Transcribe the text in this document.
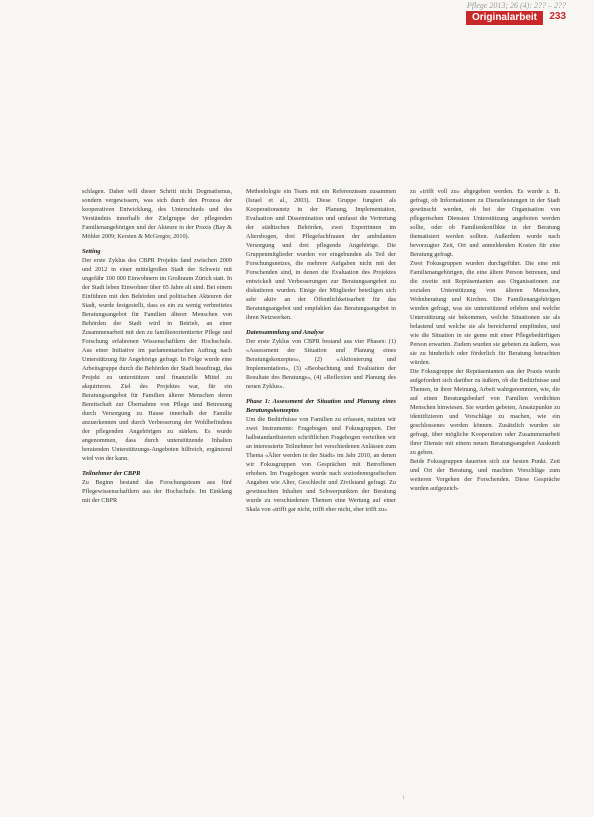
Pflege 2013; 26 (4): 2?? – 2??
Originalarbeit	233

schlagen. Daher will dieser Schritt nicht Dogmatismus, sondern vergewissern, was sich durch den Prozess der kooperativen Entwicklung, des Unterschieds und des Verständnis innerhalb der Zielgruppe der pflegenden Familienangehörigen und der Akteure in der Praxis (Bay & Möhler 2009; Kersten & McGregor, 2010).

Setting

Der erste Zyklus des CBPR Projekts fand zwischen 2009 und 2012 in einer mittelgroßen Stadt der Schweiz mit ungefähr 100 000 Einwohnern im Großraum Zürich statt. In der Stadt leben Einwohner über 65 Jahre alt sind. Bei einem Einführen mit den Behörden und politischen Akteuren der Stadt, wurde festgestellt, dass es ein zu wenig verbreitetes Beratungsangebot für Familien älterer Menschen von Behörden der Stadt wird in Betrieb, an einer Zusammenarbeit mit den zu familienorientierter Pflege und Forschung erfahrenen Wissenschaftlern der Hochschule. Aus einer Initiative im parlamentarischen Auftrag nach Unterstützung für Angehörige gefragt. In Folge wurde eine Arbeitsgruppe durch die Behörden der Stadt beauftragt, das Projekt zu unterstützen und finanzielle Mittel zu akquirieren. Ziel des Projektes war, für ein Beratungsangebot für Familien älterer Menschen deren Bereitschaft zur Übernahme von Pflege und Betreuung durch Versorgung zu Hause innerhalb der Familie anzuerkennen und durch Verbesserung der Wohlbefindens der pflegenden Angehörigen zu stärken. Es wurde angenommen, dass durch unterstützende Inhalten beratenden Unterstützungs-Angeboten hilfreich, ergänzend wird von der kann.

Teilnehmer der CBPR

Zu Beginn bestand das Forschungsteam aus fünf Pflegewissenschaftlern aus der Hochschule. Im Einklang mit der CBPR

Methodologie ein Team mit ein Referenzteam zusammen (Israel et al., 2003). Diese Gruppe fungiert als Kooperationsnetz in der Planung, Implementation, Evaluation und Dissemination und umfasst die Vertretung der städtischen Behörden, zwei Expertinnen im Altersbogen, drei Pflegefachfrauen der ambulanten Versorgung und drei pflegende Angehörige. Die Gruppenmitglieder wurden vor eingebunden als Teil der Forschungsnetzes, die mehrere Aufgaben nicht mit der Forschenden sind, in denen die Evaluation des Projektes entwickelt und Verbesserungen zur Beratungsangebot zu diskutieren wurden. Einige der Mitglieder beteiligen sich sehr aktiv an der Öffentlichkeitsarbeit für das Beratungsangebot und empfahlen das Beratungsangebot in ihren Netzwerken.

Datensammlung und Analyse

Der erste Zyklus von CBPR bestand aus vier Phasen: (1) «Assessment der Situation und Planung eines Beratungskonzeptes», (2) «Aktionierung und Implementation», (3) «Beobachtung und Evaluation der Resultate des Beratungs», (4) «Reflexion und Planung des neuen Zyklus».

Phase 1: Assessment der Situation und Planung eines Beratungskonzeptes

Um die Bedürfnisse von Familien zu erfassen, nutzten wir zwei Instrumente: Fragebogen und Fokusgruppen. Der halbstandardisierten schriftlichen Fragebogen verteilten wir an interessierte Teilnehmer bei verschiedenen Anlässen zum Thema «Älter werden in der Stadt» im Jahr 2010, an denen wir Fokusgruppen von Gesprächen mit Betroffenen erhoben. Im Fragebogen wurde nach soziodemografischen Angaben wie Alter, Geschlecht und Zivilstand gefragt. Zu gewünschten Inhalten und Schwerpunkten der Beratung wurde zu verschiedenen Themen eine Wertung auf einer Skala von «trifft gar nicht, trifft eher nicht, eher trifft zu»

zu «trifft voll zu» abgegeben werden. Es wurde z. B. gefragt, ob Informationen zu Dienstleistungen in der Stadt gewünscht werden, ob bei der Organisation von pflegerischen Diensten Unterstützung angeboten werden sollte, oder ob Familienkonflikte in der Beratung thematisiert werden sollten. Außerdem wurde nach bevorzugter Zeit, Ort und anmeldenden Kosten für eine Beratung gefragt.

Zwei Fokusgruppen wurden durchgeführt. Die eine mit Familienangehörigen, die eine ältere Person betreuen, und die zweite mit Repräsentanten aus Organisationen zur sozialen Unterstützung von älteren Menschen, Wohnberatung und Kirchen. Die Familienangehörigen wurden gefragt, was sie unterstützend erleben und welche Unterstützung sie bekommen, welche Situationen sie als belastend und welche sie als bereichernd empfinden, und wie die Situation in sie geme mit einer Pflegebedürftigen Person erwarten. Zudem wurden sie gebeten zu äußern, was sie zu hinderlich oder förderlich für Beratung betrachten würden.

Die Fokusgruppe der Repräsentanten aus der Praxis wurde aufgefordert sich darüber zu äußern, ob die Bedürfnisse und Themen, in ihrer Meinung, Arbeit wahrgenommen, wie, die auf einen Beratungsbedarf von Familien verdichten Menschen hinwiesen. Sie wurden gebeten, Ansatzpunkte zu identifizieren und Vorschläge zu machen, wie ein geschlossenes werden können. Zusätzlich wurden sie gefragt, über mögliche Kooperation oder Zusammenarbeit ihrer Dienste mit einem neuen Beratungsangebot Auskunft zu geben.

Beide Fokusgruppen dauerten sich zur besten Punkt. Zeit und Ort der Beratung, und machten Vorschläge zum weiteren Vorgehen der Forschenden. Diese Gespräche wurden aufgezeich-

i
